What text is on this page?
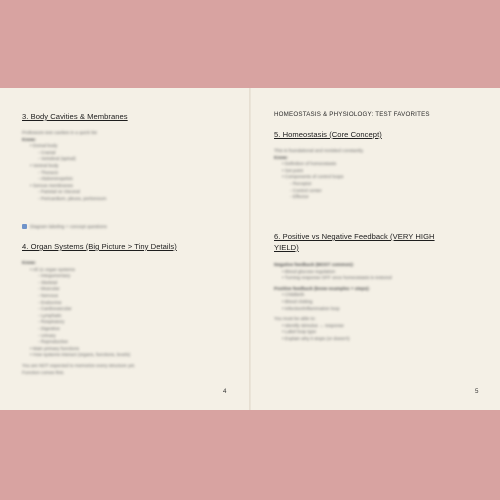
3. Body Cavities & Membranes
Professors test cavities in a quick list
Know:
• Dorsal body
◦ Cranial
◦ Vertebral (spinal)
• Ventral body
◦ Thoracic
◦ Abdominopelvic
• Serous membranes
◦ Parietal vs Visceral
◦ Pericardium, pleura, peritoneum
Diagram labeling + concept questions
4. Organ Systems (Big Picture > Tiny Details)
Know:
• All 11 organ systems
◦ Integumentary
◦ Skeletal
◦ Muscular
◦ Nervous
◦ Endocrine
◦ Cardiovascular
◦ Lymphatic
◦ Respiratory
◦ Digestive
◦ Urinary
◦ Reproductive
• Main primary functions
• How systems interact (organs, functions, levels)
You are NOT expected to memorize every structure yet.
Function comes first.
4
HOMEOSTASIS & PHYSIOLOGY: TEST FAVORITES
5. Homeostasis (Core Concept)
This is foundational and revisited constantly.
Know:
• Definition of homeostasis
• Set point
• Components of control loops
◦ Receptor
◦ Control center
◦ Effector
6. Positive vs Negative Feedback (VERY HIGH
YIELD)
Negative feedback (MOST common):
• Blood glucose regulation
• Turning response OFF once homeostasis is restored
Positive feedback (know examples + steps):
• Childbirth
• Blood clotting
• Infection/inflammation loop
You must be able to:
• Identify stimulus → response
• Label loop type
• Explain why it stops (or doesn't)
5
